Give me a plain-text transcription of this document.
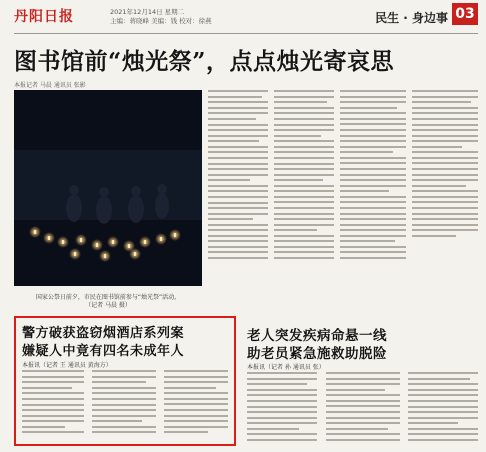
丹阳日报	2021年12月14日 星期二
主编：蒋晓峰 美编：钱 校对：徐燕	民生 · 身边事 03
图书馆前“烛光祭”，点点烛光寄哀思
本报记者 马晨 通讯员 张影
国家公祭日前夕，市民在图书馆前参与“烛光祭”活动。
（记者 马晨 摄）
警方破获盗窃烟酒店系列案
嫌疑人中竟有四名未成年人
本报讯（记者 王 通讯员 黄海方）
老人突发疾病命悬一线
助老员紧急施救助脱险
本报讯（记者 孙 通讯员 张）
